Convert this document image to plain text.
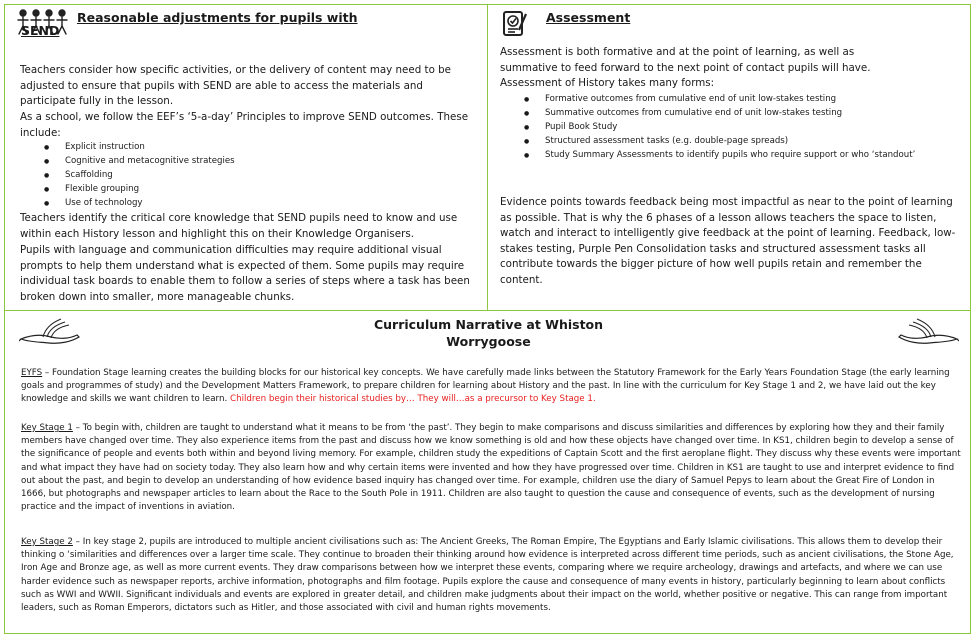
Reasonable adjustments for pupils with
SEND

Teachers consider how specific activities, or the delivery of content may need to be adjusted to ensure that pupils with SEND are able to access the materials and participate fully in the lesson.

As a school, we follow the EEF’s ‘5-a-day’ Principles to improve SEND outcomes. These include:

● Explicit instruction
● Cognitive and metacognitive strategies
● Scaffolding
● Flexible grouping
● Use of technology

Teachers identify the critical core knowledge that SEND pupils need to know and use within each History lesson and highlight this on their Knowledge Organisers.

Pupils with language and communication difficulties may require additional visual prompts to help them understand what is expected of them. Some pupils may require individual task boards to enable them to follow a series of steps where a task has been broken down into smaller, more manageable chunks.

Assessment

Assessment is both formative and at the point of learning, as well as summative to feed forward to the next point of contact pupils will have.

Assessment of History takes many forms:

● Formative outcomes from cumulative end of unit low-stakes testing
● Summative outcomes from cumulative end of unit low-stakes testing
● Pupil Book Study
● Structured assessment tasks (e.g. double-page spreads)
● Study Summary Assessments to identify pupils who require support or who ‘standout’

Evidence points towards feedback being most impactful as near to the point of learning as possible. That is why the 6 phases of a lesson allows teachers the space to listen, watch and interact to intelligently give feedback at the point of learning. Feedback, low-stakes testing, Purple Pen Consolidation tasks and structured assessment tasks all contribute towards the bigger picture of how well pupils retain and remember the content.

Curriculum Narrative at Whiston
Worrygoose

EYFS – Foundation Stage learning creates the building blocks for our historical key concepts. We have carefully made links between the Statutory Framework for the Early Years Foundation Stage (the early learning goals and programmes of study) and the Development Matters Framework, to prepare children for learning about History and the past. In line with the curriculum for Key Stage 1 and 2, we have laid out the key knowledge and skills we want children to learn. Children begin their historical studies by… They will…as a precursor to Key Stage 1.

Key Stage 1 – To begin with, children are taught to understand what it means to be from ‘the past’. They begin to make comparisons and discuss similarities and differences by exploring how they and their family members have changed over time. They also experience items from the past and discuss how we know something is old and how these objects have changed over time. In KS1, children begin to develop a sense of the significance of people and events both within and beyond living memory. For example, children study the expeditions of Captain Scott and the first aeroplane flight. They discuss why these events were important and what impact they have had on society today. They also learn how and why certain items were invented and how they have progressed over time. Children in KS1 are taught to use and interpret evidence to find out about the past, and begin to develop an understanding of how evidence based inquiry has changed over time. For example, children use the diary of Samuel Pepys to learn about the Great Fire of London in 1666, but photographs and newspaper articles to learn about the Race to the South Pole in 1911. Children are also taught to question the cause and consequence of events, such as the development of nursing practice and the impact of inventions in aviation.

Key Stage 2 – In key stage 2, pupils are introduced to multiple ancient civilisations such as: The Ancient Greeks, The Roman Empire, The Egyptians and Early Islamic civilisations. This allows them to develop their thinking o ‘similarities and differences over a larger time scale. They continue to broaden their thinking around how evidence is interpreted across different time periods, such as ancient civilisations, the Stone Age, Iron Age and Bronze age, as well as more current events. They draw comparisons between how we interpret these events, comparing where we require archeology, drawings and artefacts, and where we can use harder evidence such as newspaper reports, archive information, photographs and film footage. Pupils explore the cause and consequence of many events in history, particularly beginning to learn about conflicts such as WWI and WWII. Significant individuals and events are explored in greater detail, and children make judgments about their impact on the world, whether positive or negative. This can range from important leaders, such as Roman Emperors, dictators such as Hitler, and those associated with civil and human rights movements.
